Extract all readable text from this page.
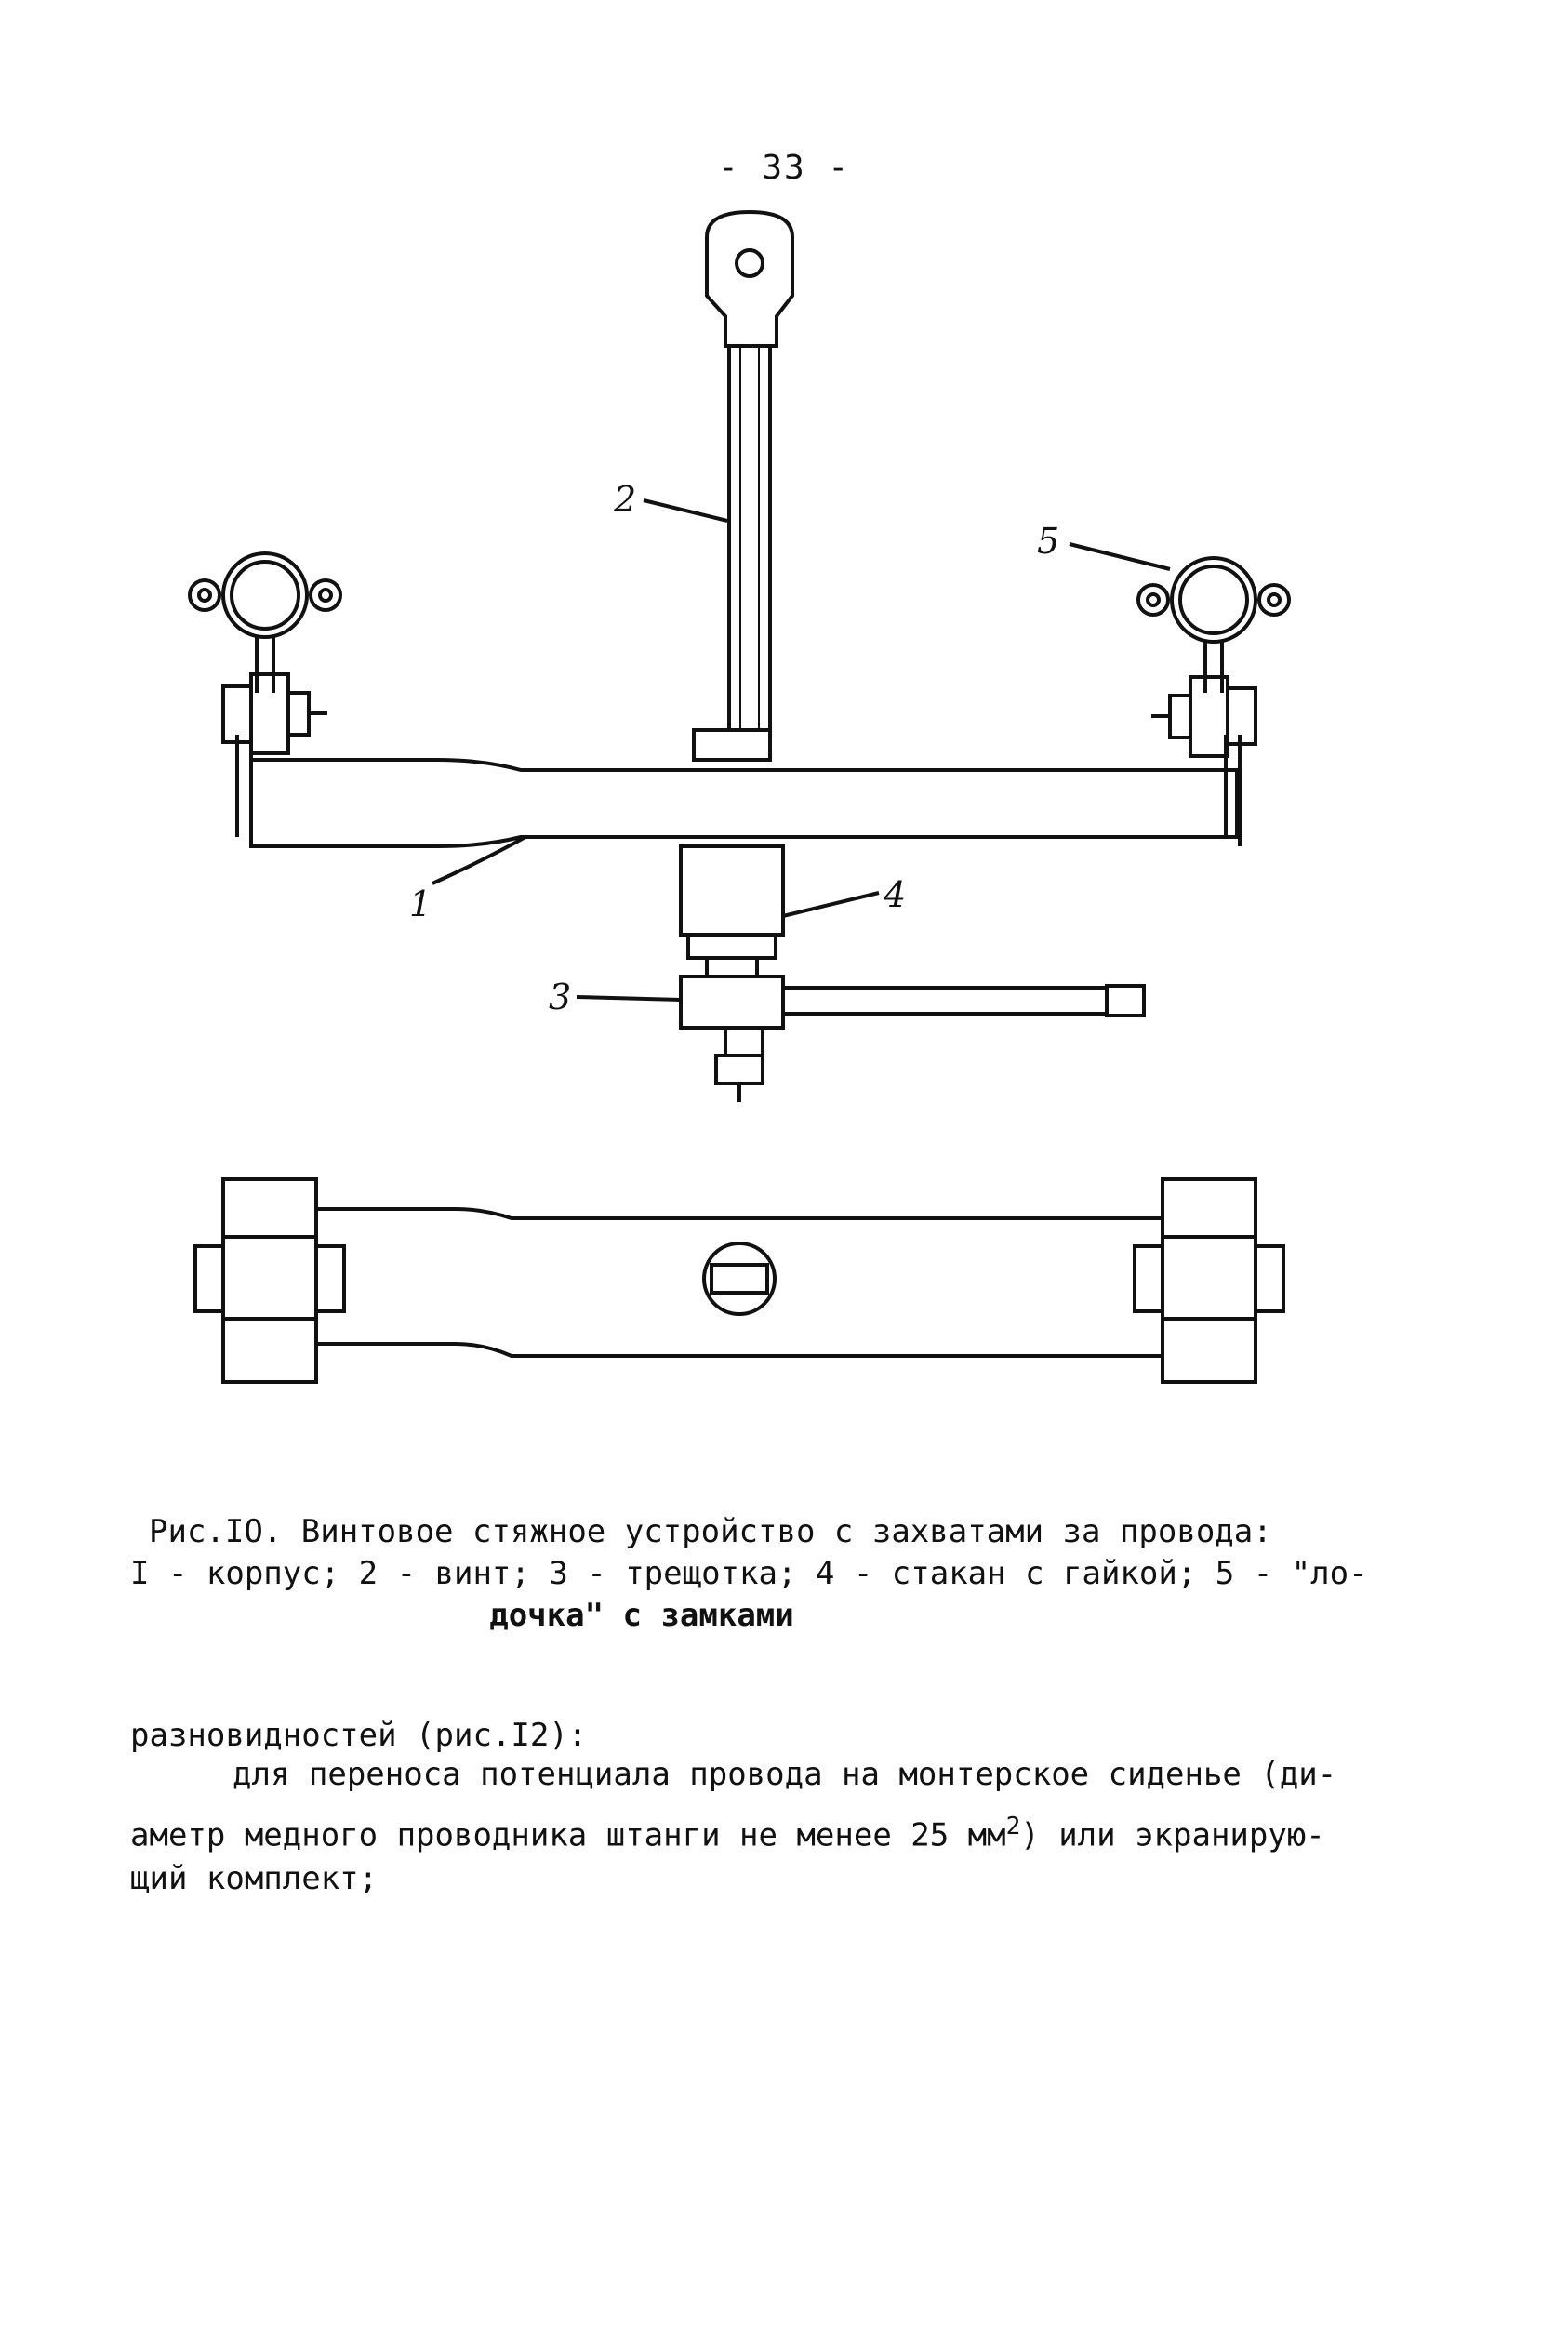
- 33 -
2
5
1	4
3
Рис.IO. Винтовое стяжное устройство с захватами за провода:
I - корпус; 2 - винт; 3 - трещотка; 4 - стакан с гайкой; 5 - "ло-
дочка" с замками
разновидностей (рис.I2):
для переноса потенциала провода на монтерское сиденье (ди-
аметр медного проводника штанги не менее 25 $мм^2$) или экранирую-
щий комплект;
